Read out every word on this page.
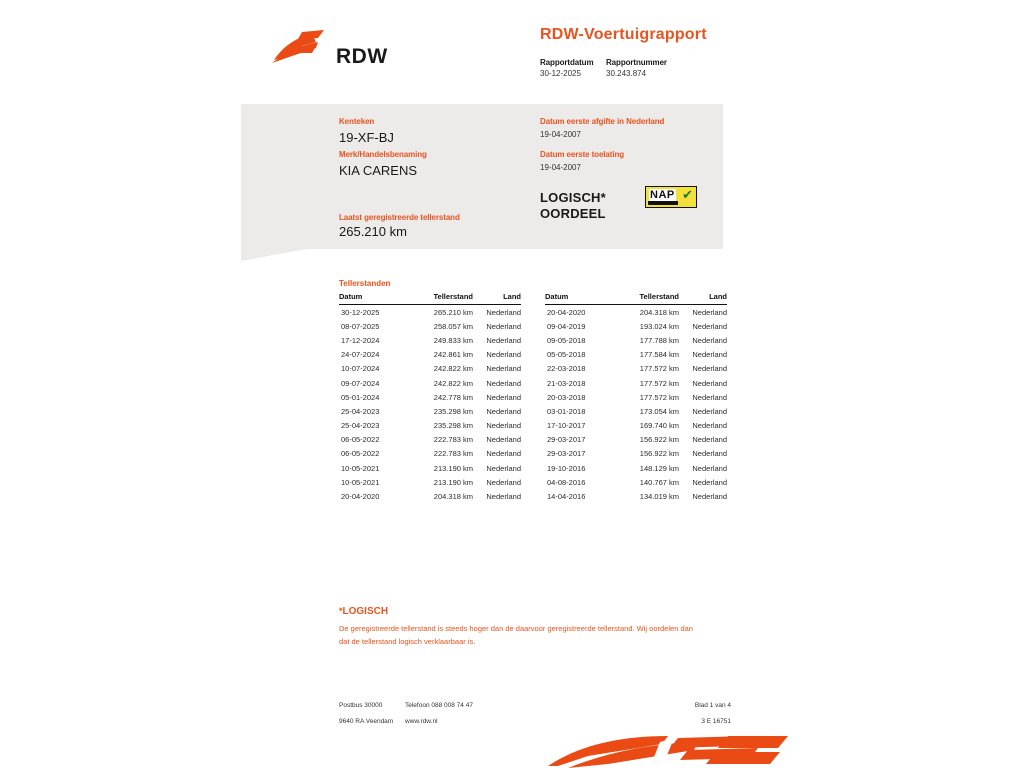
RDW
RDW-Voertuigrapport
Rapportdatum
30-12-2025
Rapportnummer
30.243.874
Kenteken
19-XF-BJ
Merk/Handelsbenaming
KIA CARENS
Laatst geregistreerde tellerstand
265.210 km
Datum eerste afgifte in Nederland
19-04-2007
Datum eerste toelating
19-04-2007
LOGISCH*
OORDEEL
NAP ✔
Tellerstanden
Datum	Tellerstand	Land
30-12-2025	265.210 km	Nederland
08-07-2025	258.057 km	Nederland
17-12-2024	249.833 km	Nederland
24-07-2024	242.861 km	Nederland
10-07-2024	242.822 km	Nederland
09-07-2024	242.822 km	Nederland
05-01-2024	242.778 km	Nederland
25-04-2023	235.298 km	Nederland
25-04-2023	235.298 km	Nederland
06-05-2022	222.783 km	Nederland
06-05-2022	222.783 km	Nederland
10-05-2021	213.190 km	Nederland
10-05-2021	213.190 km	Nederland
20-04-2020	204.318 km	Nederland
Datum	Tellerstand	Land
20-04-2020	204.318 km	Nederland
09-04-2019	193.024 km	Nederland
09-05-2018	177.788 km	Nederland
05-05-2018	177.584 km	Nederland
22-03-2018	177.572 km	Nederland
21-03-2018	177.572 km	Nederland
20-03-2018	177.572 km	Nederland
03-01-2018	173.054 km	Nederland
17-10-2017	169.740 km	Nederland
29-03-2017	156.922 km	Nederland
29-03-2017	156.922 km	Nederland
19-10-2016	148.129 km	Nederland
04-08-2016	140.767 km	Nederland
14-04-2016	134.019 km	Nederland
*LOGISCH
De geregistreerde tellerstand is steeds hoger dan de daarvoor geregistreerde tellerstand. Wij oordelen dan
dat de tellerstand logisch verklaarbaar is.
Postbus 30000	Telefoon 088 008 74 47	Blad 1 van 4
9640 RA Veendam	www.rdw.nl	3 E 16751
